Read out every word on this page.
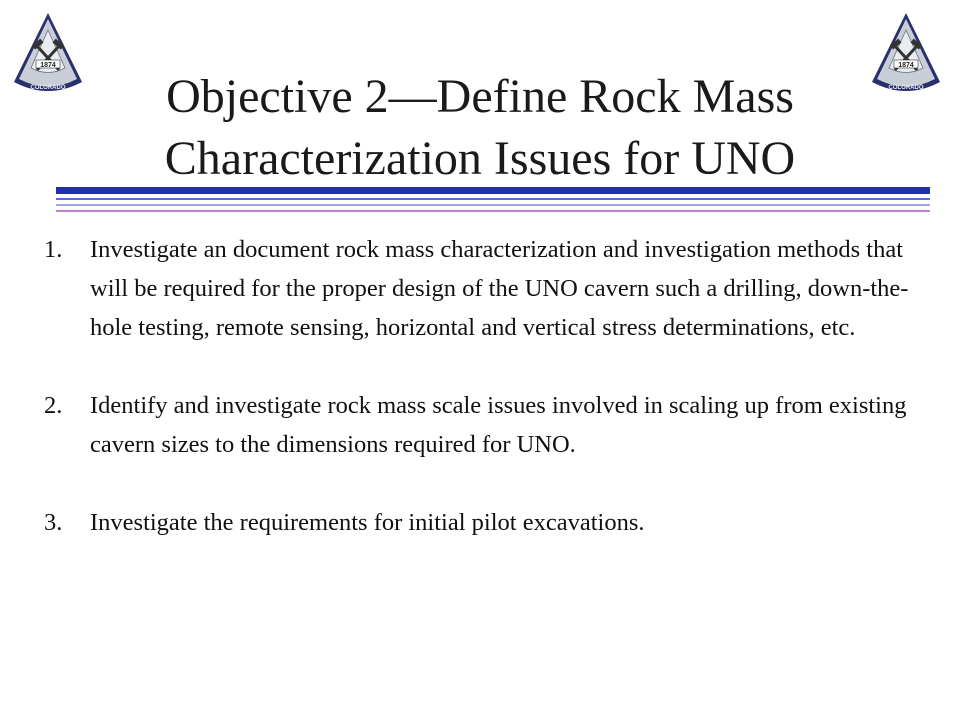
1874
COLORADO
1874
COLORADO
Objective 2—Define Rock Mass
Characterization Issues for UNO
1.	Investigate an document rock mass characterization and investigation methods that will be required for the proper design of the UNO cavern such a drilling, down-the-hole testing, remote sensing, horizontal and vertical stress determinations, etc.
2.	Identify and investigate rock mass scale issues involved in scaling up from existing cavern sizes to the dimensions required for UNO.
3.	Investigate the requirements for initial pilot excavations.
